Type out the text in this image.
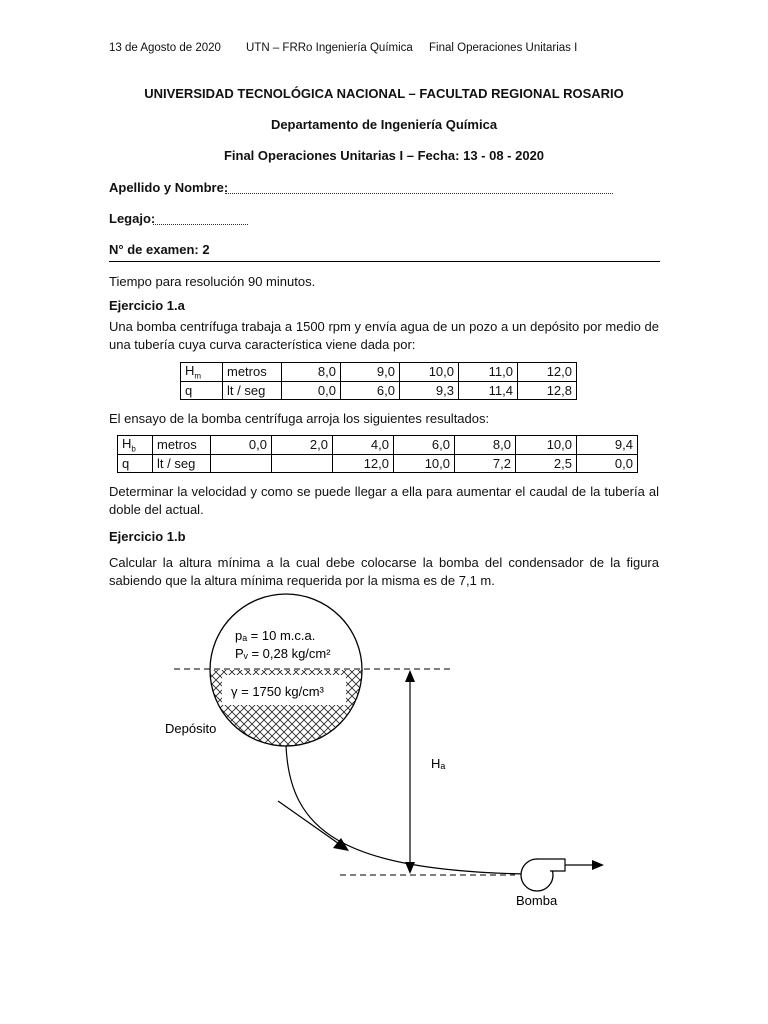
13 de Agosto de 2020 UTN – FRRo Ingeniería Química Final Operaciones Unitarias I
UNIVERSIDAD TECNOLÓGICA NACIONAL – FACULTAD REGIONAL ROSARIO
Departamento de Ingeniería Química
Final Operaciones Unitarias I – Fecha: 13 - 08 - 2020
Apellido y Nombre:
Legajo:
N° de examen: 2
Tiempo para resolución 90 minutos.
Ejercicio 1.a
Una bomba centrífuga trabaja a 1500 rpm y envía agua de un pozo a un depósito por medio de una tubería cuya curva característica viene dada por:
$H_m$	metros	8,0	9,0	10,0	11,0	12,0
q	lt / seg	0,0	6,0	9,3	11,4	12,8
El ensayo de la bomba centrífuga arroja los siguientes resultados:
$H_b$	metros	0,0	2,0	4,0	6,0	8,0	10,0	9,4
q	lt / seg			12,0	10,0	7,2	2,5	0,0
Determinar la velocidad y como se puede llegar a ella para aumentar el caudal de la tubería al doble del actual.
Ejercicio 1.b
Calcular la altura mínima a la cual debe colocarse la bomba del condensador de la figura sabiendo que la altura mínima requerida por la misma es de 7,1 m.
pₐ = 10 m.c.a.
Pᵥ = 0,28 kg/cm²
γ = 1750 kg/cm³
Depósito
Hₐ
Bomba
